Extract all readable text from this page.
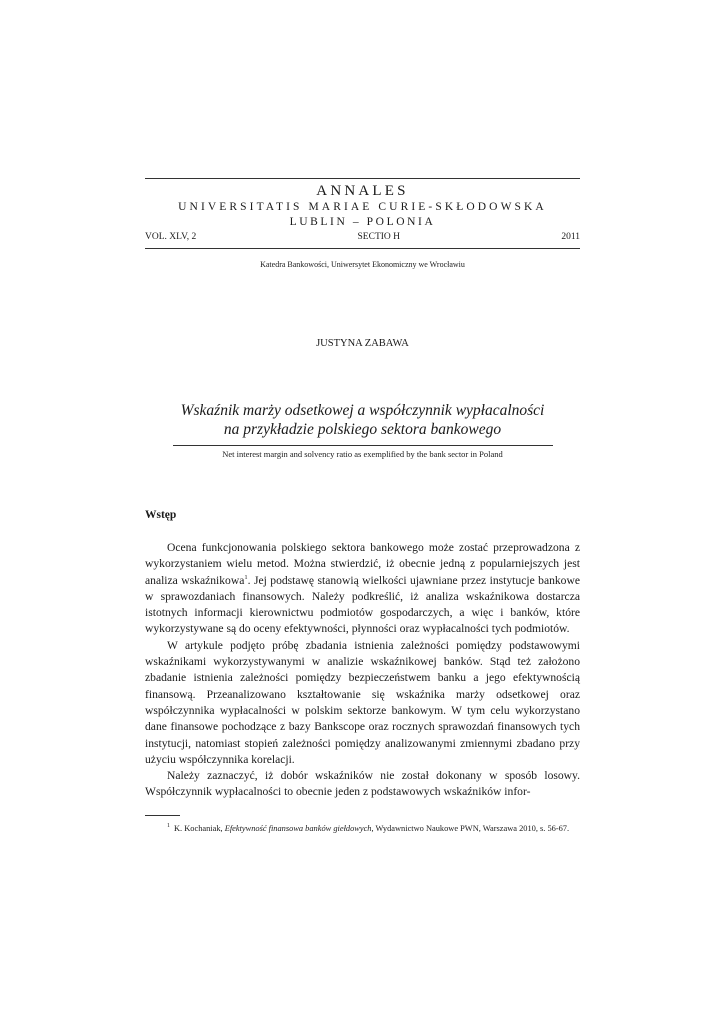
ANNALES
UNIVERSITATIS MARIAE CURIE-SKŁODOWSKA
LUBLIN – POLONIA
VOL. XLV, 2	SECTIO H	2011
Katedra Bankowości, Uniwersytet Ekonomiczny we Wrocławiu
JUSTYNA ZABAWA
Wskaźnik marży odsetkowej a współczynnik wypłacalności
na przykładzie polskiego sektora bankowego
Net interest margin and solvency ratio as exemplified by the bank sector in Poland
Wstęp

Ocena funkcjonowania polskiego sektora bankowego może zostać przeprowadzona z wykorzystaniem wielu metod. Można stwierdzić, iż obecnie jedną z popularniejszych jest analiza wskaźnikowa$^1$. Jej podstawę stanowią wielkości ujawniane przez instytucje bankowe w sprawozdaniach finansowych. Należy podkreślić, iż analiza wskaźnikowa dostarcza istotnych informacji kierownictwu podmiotów gospodarczych, a więc i banków, które wykorzystywane są do oceny efektywności, płynności oraz wypłacalności tych podmiotów.

W artykule podjęto próbę zbadania istnienia zależności pomiędzy podstawowymi wskaźnikami wykorzystywanymi w analizie wskaźnikowej banków. Stąd też założono zbadanie istnienia zależności pomiędzy bezpieczeństwem banku a jego efektywnością finansową. Przeanalizowano kształtowanie się wskaźnika marży odsetkowej oraz współczynnika wypłacalności w polskim sektorze bankowym. W tym celu wykorzystano dane finansowe pochodzące z bazy Bankscope oraz rocznych sprawozdań finansowych tych instytucji, natomiast stopień zależności pomiędzy analizowanymi zmiennymi zbadano przy użyciu współczynnika korelacji.

Należy zaznaczyć, iż dobór wskaźników nie został dokonany w sposób losowy. Współczynnik wypłacalności to obecnie jeden z podstawowych wskaźników infor-

$^1$ K. Kochaniak, Efektywność finansowa banków giełdowych, Wydawnictwo Naukowe PWN, Warszawa 2010, s. 56-67.
